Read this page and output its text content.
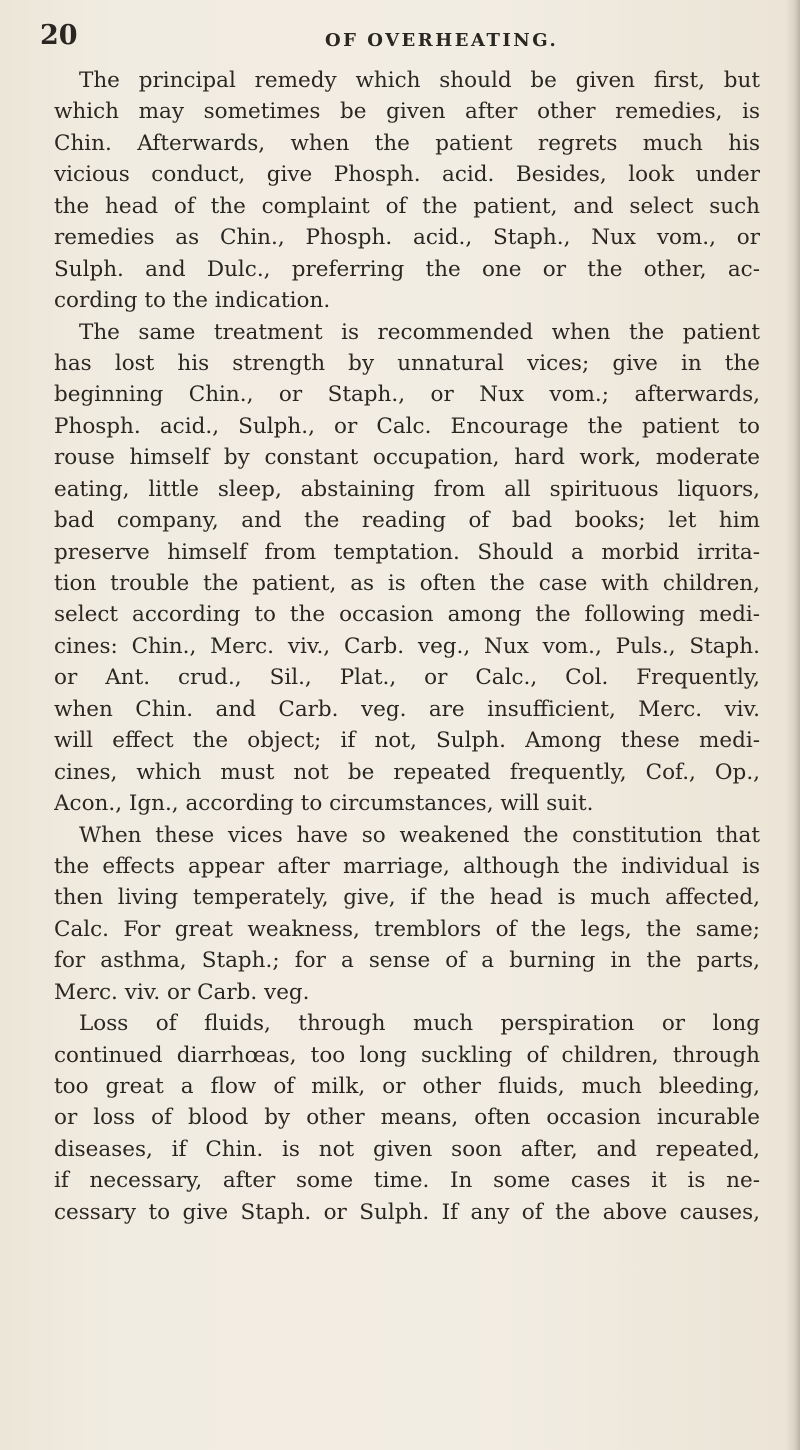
20	OF OVERHEATING.
The principal remedy which should be given first, but
which may sometimes be given after other remedies, is
Chin. Afterwards, when the patient regrets much his
vicious conduct, give Phosph. acid. Besides, look under
the head of the complaint of the patient, and select such
remedies as Chin., Phosph. acid., Staph., Nux vom., or
Sulph. and Dulc., preferring the one or the other, ac-
cording to the indication.
The same treatment is recommended when the patient
has lost his strength by unnatural vices; give in the
beginning Chin., or Staph., or Nux vom.; afterwards,
Phosph. acid., Sulph., or Calc. Encourage the patient to
rouse himself by constant occupation, hard work, moderate
eating, little sleep, abstaining from all spirituous liquors,
bad company, and the reading of bad books; let him
preserve himself from temptation. Should a morbid irrita-
tion trouble the patient, as is often the case with children,
select according to the occasion among the following medi-
cines: Chin., Merc. viv., Carb. veg., Nux vom., Puls., Staph.
or Ant. crud., Sil., Plat., or Calc., Col. Frequently,
when Chin. and Carb. veg. are insufficient, Merc. viv.
will effect the object; if not, Sulph. Among these medi-
cines, which must not be repeated frequently, Cof., Op.,
Acon., Ign., according to circumstances, will suit.
When these vices have so weakened the constitution that
the effects appear after marriage, although the individual is
then living temperately, give, if the head is much affected,
Calc. For great weakness, tremblors of the legs, the same;
for asthma, Staph.; for a sense of a burning in the parts,
Merc. viv. or Carb. veg.
Loss of fluids, through much perspiration or long
continued diarrhœas, too long suckling of children, through
too great a flow of milk, or other fluids, much bleeding,
or loss of blood by other means, often occasion incurable
diseases, if Chin. is not given soon after, and repeated,
if necessary, after some time. In some cases it is ne-
cessary to give Staph. or Sulph. If any of the above causes,
